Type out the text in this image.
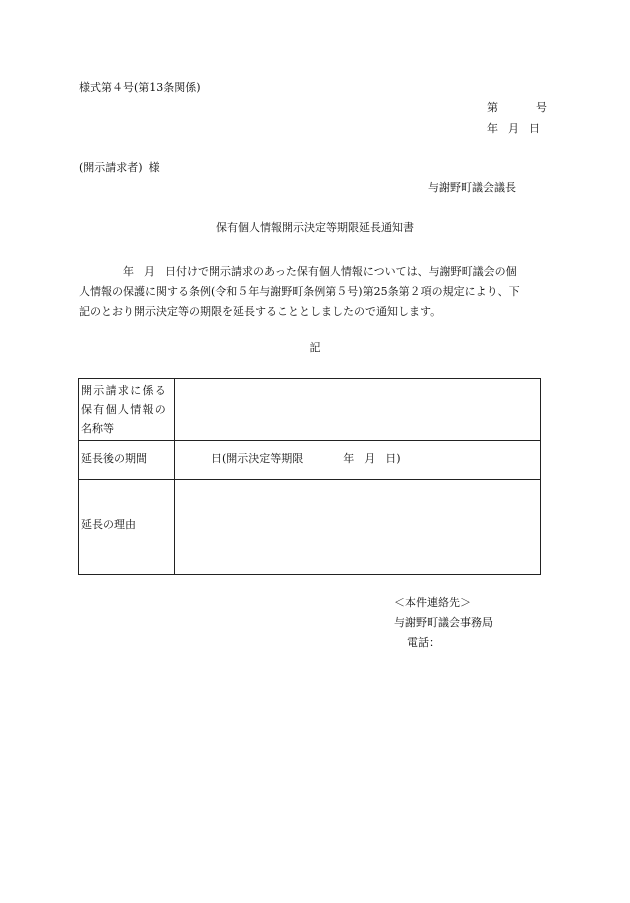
様式第４号(第13条関係)
第	号
年 月 日
(開示請求者) 様
与謝野町議会議長
保有個人情報開示決定等期限延長通知書
年 月 日付けで開示請求のあった保有個人情報については、与謝野町議会の個
人情報の保護に関する条例(令和５年与謝野町条例第５号)第25条第２項の規定により、下
記のとおり開示決定等の期限を延長することとしましたので通知します。
記
開示請求に係る
保有個人情報の
名称等	

延長後の期間	日(開示決定等期限 年 月 日)

延長の理由	

＜本件連絡先＞
与謝野町議会事務局
電話：
